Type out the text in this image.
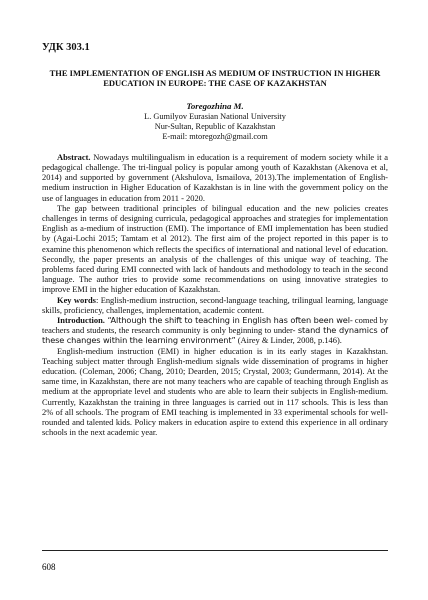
УДК 303.1
THE IMPLEMENTATION OF ENGLISH AS MEDIUM OF INSTRUCTION IN HIGHER EDUCATION IN EUROPE: THE CASE OF KAZAKHSTAN
Toregozhina M.
L. Gumilyov Eurasian National University
Nur-Sultan, Republic of Kazakhstan
E-mail: mtoregozh@gmail.com

Abstract. Nowadays multilingualism in education is a requirement of modern society while it a pedagogical challenge. The tri-lingual policy is popular among youth of Kazakhstan (Akenova et al, 2014) and supported by government (Akshulova, Ismailova, 2013).The implementation of English-medium instruction in Higher Education of Kazakhstan is in line with the government policy on the use of languages in education from 2011 - 2020.

The gap between traditional principles of bilingual education and the new policies creates challenges in terms of designing curricula, pedagogical approaches and strategies for implementation English as a-medium of instruction (EMI). The importance of EMI implementation has been studied by (Agai-Lochi 2015; Tamtam et al 2012). The first aim of the project reported in this paper is to examine this phenomenon which reflects the specifics of international and national level of education. Secondly, the paper presents an analysis of the challenges of this unique way of teaching. The problems faced during EMI connected with lack of handouts and methodology to teach in the second language. The author tries to provide some recommendations on using innovative strategies to improve EMI in the higher education of Kazakhstan.

Key words: English-medium instruction, second-language teaching, trilingual learning, language skills, proficiency, challenges, implementation, academic content.

Introduction. “Although the shift to teaching in English has often been wel- comed by teachers and students, the research community is only beginning to under- stand the dynamics of these changes within the learning environment” (Airey & Linder, 2008, p.146).

English-medium instruction (EMI) in higher education is in its early stages in Kazakhstan. Teaching subject matter through English-medium signals wide dissemination of programs in higher education. (Coleman, 2006; Chang, 2010; Dearden, 2015; Crystal, 2003; Gundermann, 2014). At the same time, in Kazakhstan, there are not many teachers who are capable of teaching through English as medium at the appropriate level and students who are able to learn their subjects in English-medium. Currently, Kazakhstan the training in three languages is carried out in 117 schools. This is less than 2% of all schools. The program of EMI teaching is implemented in 33 experimental schools for well-rounded and talented kids. Policy makers in education aspire to extend this experience in all ordinary schools in the next academic year.

608
